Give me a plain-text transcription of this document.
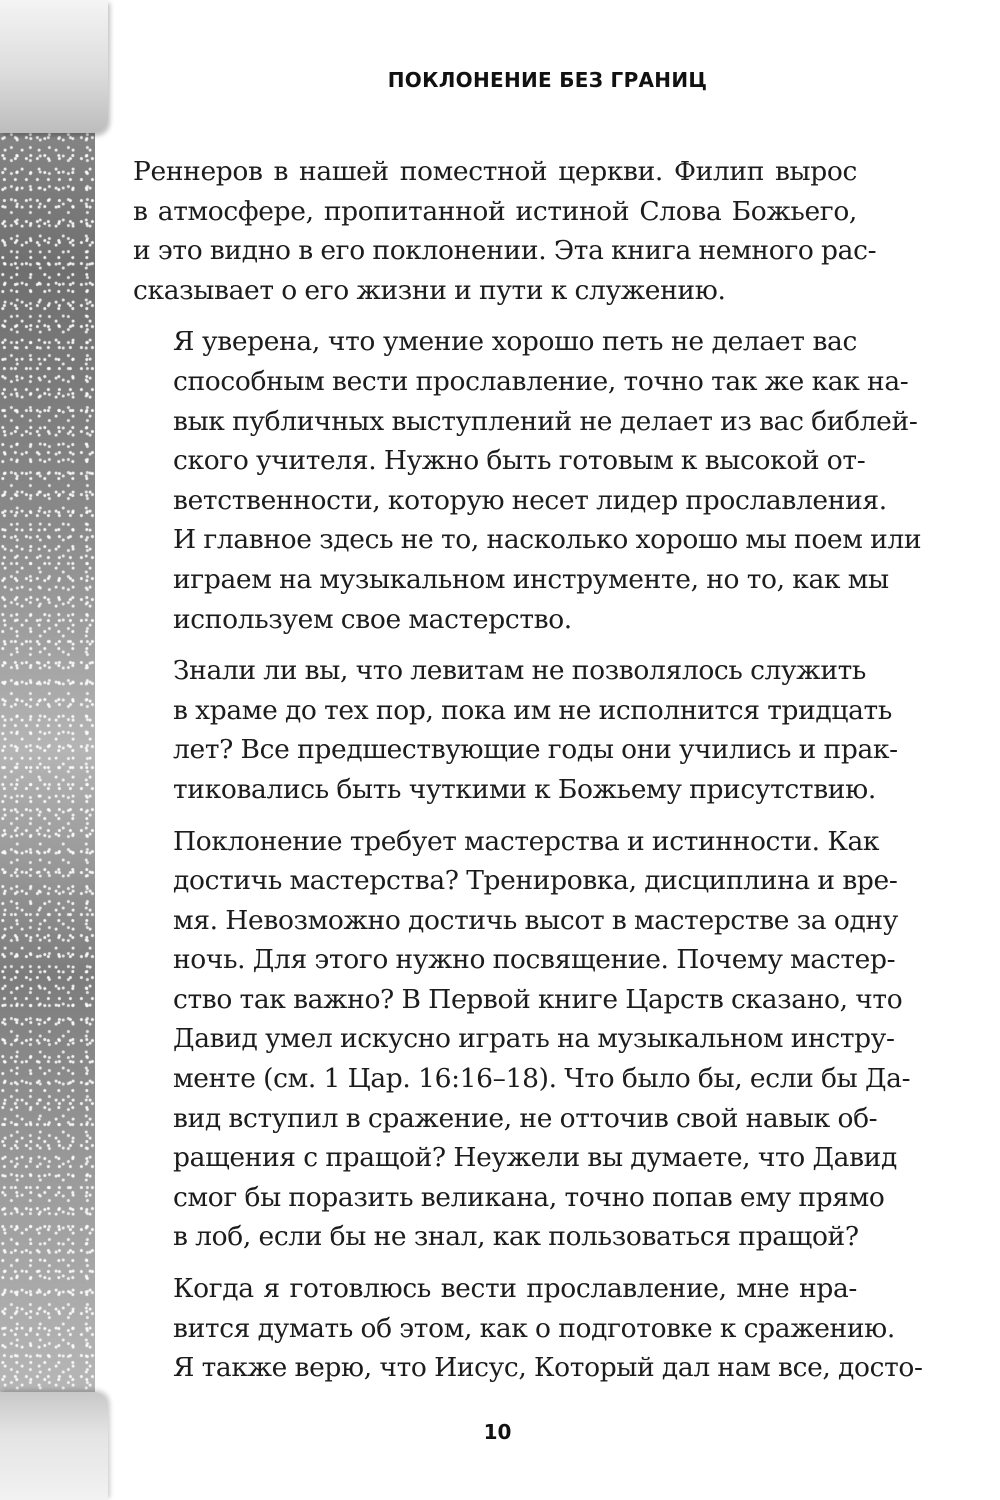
ПОКЛОНЕНИЕ БЕЗ ГРАНИЦ

Реннеров в нашей поместной церкви. Филип вырос
в атмосфере, пропитанной истиной Слова Божьего,
и это видно в его поклонении. Эта книга немного рас-
сказывает о его жизни и пути к служению.

Я уверена, что умение хорошо петь не делает вас
способным вести прославление, точно так же как на-
вык публичных выступлений не делает из вас библей-
ского учителя. Нужно быть готовым к высокой от-
ветственности, которую несет лидер прославления.
И главное здесь не то, насколько хорошо мы поем или
играем на музыкальном инструменте, но то, как мы
используем свое мастерство.

Знали ли вы, что левитам не позволялось служить
в храме до тех пор, пока им не исполнится тридцать
лет? Все предшествующие годы они учились и прак-
тиковались быть чуткими к Божьему присутствию.

Поклонение требует мастерства и истинности. Как
достичь мастерства? Тренировка, дисциплина и вре-
мя. Невозможно достичь высот в мастерстве за одну
ночь. Для этого нужно посвящение. Почему мастер-
ство так важно? В Первой книге Царств сказано, что
Давид умел искусно играть на музыкальном инстру-
менте (см. 1 Цар. 16:16–18). Что было бы, если бы Да-
вид вступил в сражение, не отточив свой навык об-
ращения с пращой? Неужели вы думаете, что Давид
смог бы поразить великана, точно попав ему прямо
в лоб, если бы не знал, как пользоваться пращой?

Когда я готовлюсь вести прославление, мне нра-
вится думать об этом, как о подготовке к сражению.
Я также верю, что Иисус, Который дал нам все, досто-

10
